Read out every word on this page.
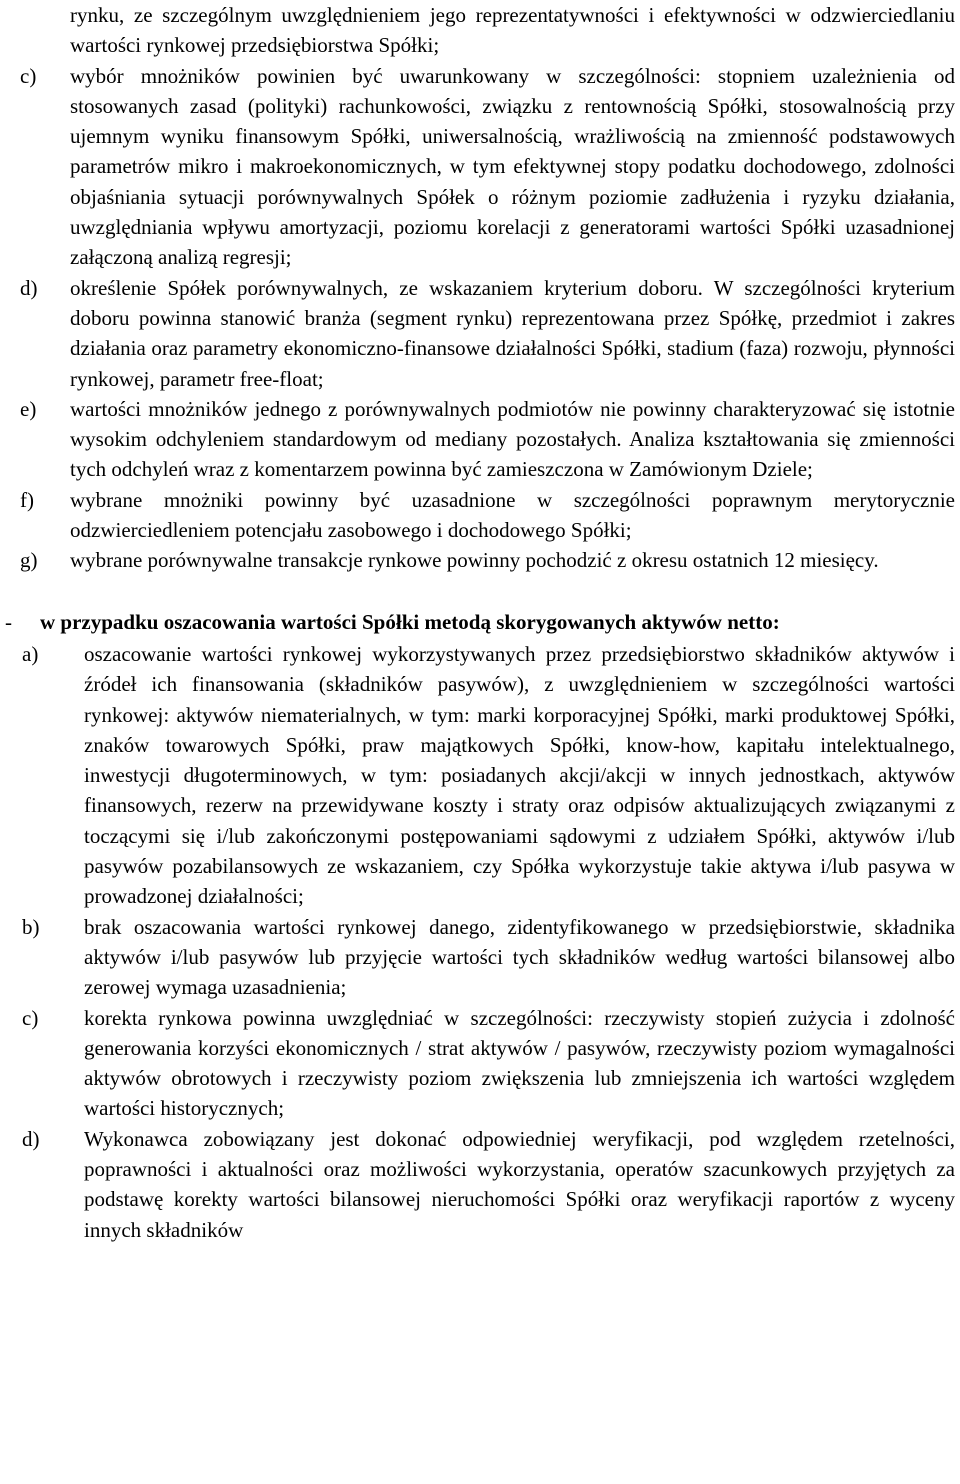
rynku, ze szczególnym uwzględnieniem jego reprezentatywności i efektywności w odzwierciedlaniu wartości rynkowej przedsiębiorstwa Spółki;
c) wybór mnożników powinien być uwarunkowany w szczególności: stopniem uzależnienia od stosowanych zasad (polityki) rachunkowości, związku z rentownością Spółki, stosowalnością przy ujemnym wyniku finansowym Spółki, uniwersalnością, wrażliwością na zmienność podstawowych parametrów mikro i makroekonomicznych, w tym efektywnej stopy podatku dochodowego, zdolności objaśniania sytuacji porównywalnych Spółek o różnym poziomie zadłużenia i ryzyku działania, uwzględniania wpływu amortyzacji, poziomu korelacji z generatorami wartości Spółki uzasadnionej załączoną analizą regresji;
d) określenie Spółek porównywalnych, ze wskazaniem kryterium doboru. W szczególności kryterium doboru powinna stanowić branża (segment rynku) reprezentowana przez Spółkę, przedmiot i zakres działania oraz parametry ekonomiczno-finansowe działalności Spółki, stadium (faza) rozwoju, płynności rynkowej, parametr free-float;
e) wartości mnożników jednego z porównywalnych podmiotów nie powinny charakteryzować się istotnie wysokim odchyleniem standardowym od mediany pozostałych. Analiza kształtowania się zmienności tych odchyleń wraz z komentarzem powinna być zamieszczona w Zamówionym Dziele;
f) wybrane mnożniki powinny być uzasadnione w szczególności poprawnym merytorycznie odzwierciedleniem potencjału zasobowego i dochodowego Spółki;
g) wybrane porównywalne transakcje rynkowe powinny pochodzić z okresu ostatnich 12 miesięcy.
- w przypadku oszacowania wartości Spółki metodą skorygowanych aktywów netto:
a) oszacowanie wartości rynkowej wykorzystywanych przez przedsiębiorstwo składników aktywów i źródeł ich finansowania (składników pasywów), z uwzględnieniem w szczególności wartości rynkowej: aktywów niematerialnych, w tym: marki korporacyjnej Spółki, marki produktowej Spółki, znaków towarowych Spółki, praw majątkowych Spółki, know-how, kapitału intelektualnego, inwestycji długoterminowych, w tym: posiadanych akcji/akcji w innych jednostkach, aktywów finansowych, rezerw na przewidywane koszty i straty oraz odpisów aktualizujących związanymi z toczącymi się i/lub zakończonymi postępowaniami sądowymi z udziałem Spółki, aktywów i/lub pasywów pozabilansowych ze wskazaniem, czy Spółka wykorzystuje takie aktywa i/lub pasywa w prowadzonej działalności;
b) brak oszacowania wartości rynkowej danego, zidentyfikowanego w przedsiębiorstwie, składnika aktywów i/lub pasywów lub przyjęcie wartości tych składników według wartości bilansowej albo zerowej wymaga uzasadnienia;
c) korekta rynkowa powinna uwzględniać w szczególności: rzeczywisty stopień zużycia i zdolność generowania korzyści ekonomicznych / strat aktywów / pasywów, rzeczywisty poziom wymagalności aktywów obrotowych i rzeczywisty poziom zwiększenia lub zmniejszenia ich wartości względem wartości historycznych;
d) Wykonawca zobowiązany jest dokonać odpowiedniej weryfikacji, pod względem rzetelności, poprawności i aktualności oraz możliwości wykorzystania, operatów szacunkowych przyjętych za podstawę korekty wartości bilansowej nieruchomości Spółki oraz weryfikacji raportów z wyceny innych składników
